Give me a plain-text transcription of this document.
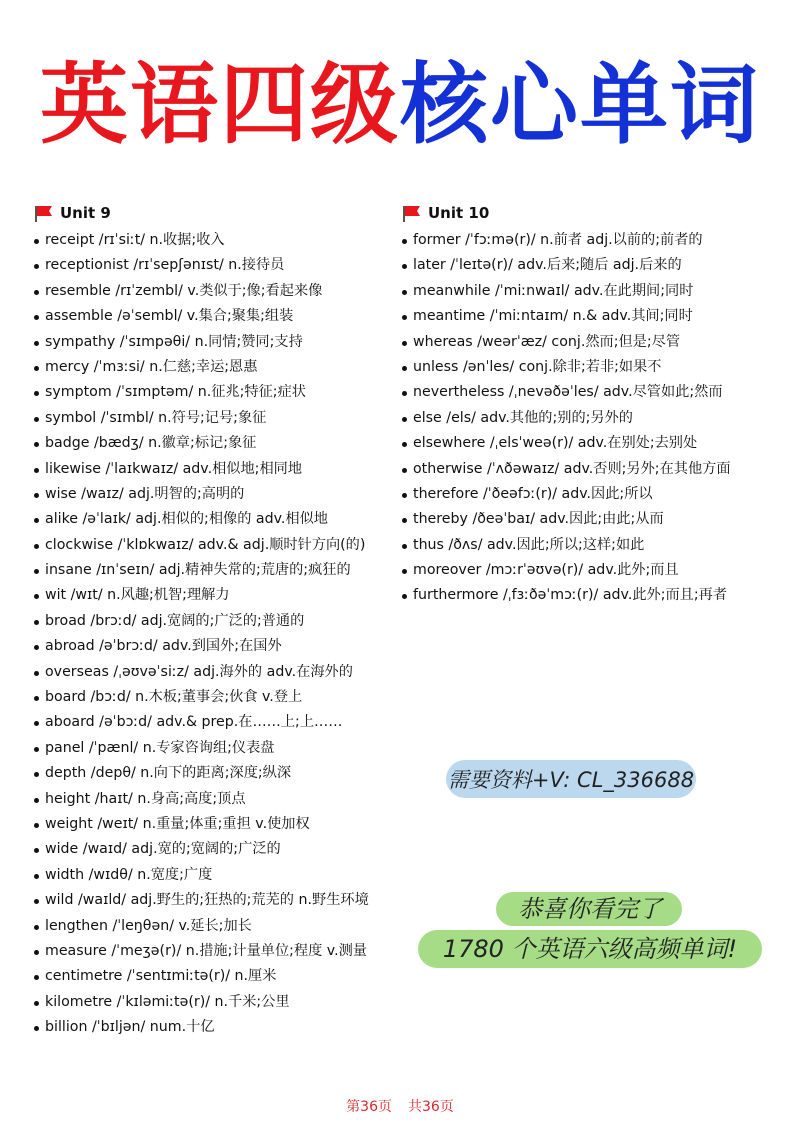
英语四级核心单词
Unit 9
receipt /rɪˈsiːt/ n.收据;收入
receptionist /rɪˈsepʃənɪst/ n.接待员
resemble /rɪˈzembl/ v.类似于;像;看起来像
assemble /əˈsembl/ v.集合;聚集;组装
sympathy /ˈsɪmpəθi/ n.同情;赞同;支持
mercy /ˈmɜːsi/ n.仁慈;幸运;恩惠
symptom /ˈsɪmptəm/ n.征兆;特征;症状
symbol /ˈsɪmbl/ n.符号;记号;象征
badge /bædʒ/ n.徽章;标记;象征
likewise /ˈlaɪkwaɪz/ adv.相似地;相同地
wise /waɪz/ adj.明智的;高明的
alike /əˈlaɪk/ adj.相似的;相像的 adv.相似地
clockwise /ˈklɒkwaɪz/ adv.& adj.顺时针方向(的)
insane /ɪnˈseɪn/ adj.精神失常的;荒唐的;疯狂的
wit /wɪt/ n.风趣;机智;理解力
broad /brɔːd/ adj.宽阔的;广泛的;普通的
abroad /əˈbrɔːd/ adv.到国外;在国外
overseas /ˌəʊvəˈsiːz/ adj.海外的 adv.在海外的
board /bɔːd/ n.木板;董事会;伙食 v.登上
aboard /əˈbɔːd/ adv.& prep.在……上;上……
panel /ˈpænl/ n.专家咨询组;仪表盘
depth /depθ/ n.向下的距离;深度;纵深
height /haɪt/ n.身高;高度;顶点
weight /weɪt/ n.重量;体重;重担 v.使加权
wide /waɪd/ adj.宽的;宽阔的;广泛的
width /wɪdθ/ n.宽度;广度
wild /waɪld/ adj.野生的;狂热的;荒芜的 n.野生环境
lengthen /ˈleŋθən/ v.延长;加长
measure /ˈmeʒə(r)/ n.措施;计量单位;程度 v.测量
centimetre /ˈsentɪmiːtə(r)/ n.厘米
kilometre /ˈkɪləmiːtə(r)/ n.千米;公里
billion /ˈbɪljən/ num.十亿
Unit 10
former /ˈfɔːmə(r)/ n.前者 adj.以前的;前者的
later /ˈleɪtə(r)/ adv.后来;随后 adj.后来的
meanwhile /ˈmiːnwaɪl/ adv.在此期间;同时
meantime /ˈmiːntaɪm/ n.& adv.其间;同时
whereas /weərˈæz/ conj.然而;但是;尽管
unless /ənˈles/ conj.除非;若非;如果不
nevertheless /ˌnevəðəˈles/ adv.尽管如此;然而
else /els/ adv.其他的;别的;另外的
elsewhere /ˌelsˈweə(r)/ adv.在别处;去别处
otherwise /ˈʌðəwaɪz/ adv.否则;另外;在其他方面
therefore /ˈðeəfɔː(r)/ adv.因此;所以
thereby /ðeəˈbaɪ/ adv.因此;由此;从而
thus /ðʌs/ adv.因此;所以;这样;如此
moreover /mɔːrˈəʊvə(r)/ adv.此外;而且
furthermore /ˌfɜːðəˈmɔː(r)/ adv.此外;而且;再者
需要资料+V: CL_336688
恭喜你看完了
1780 个英语六级高频单词!
第36页 共36页
